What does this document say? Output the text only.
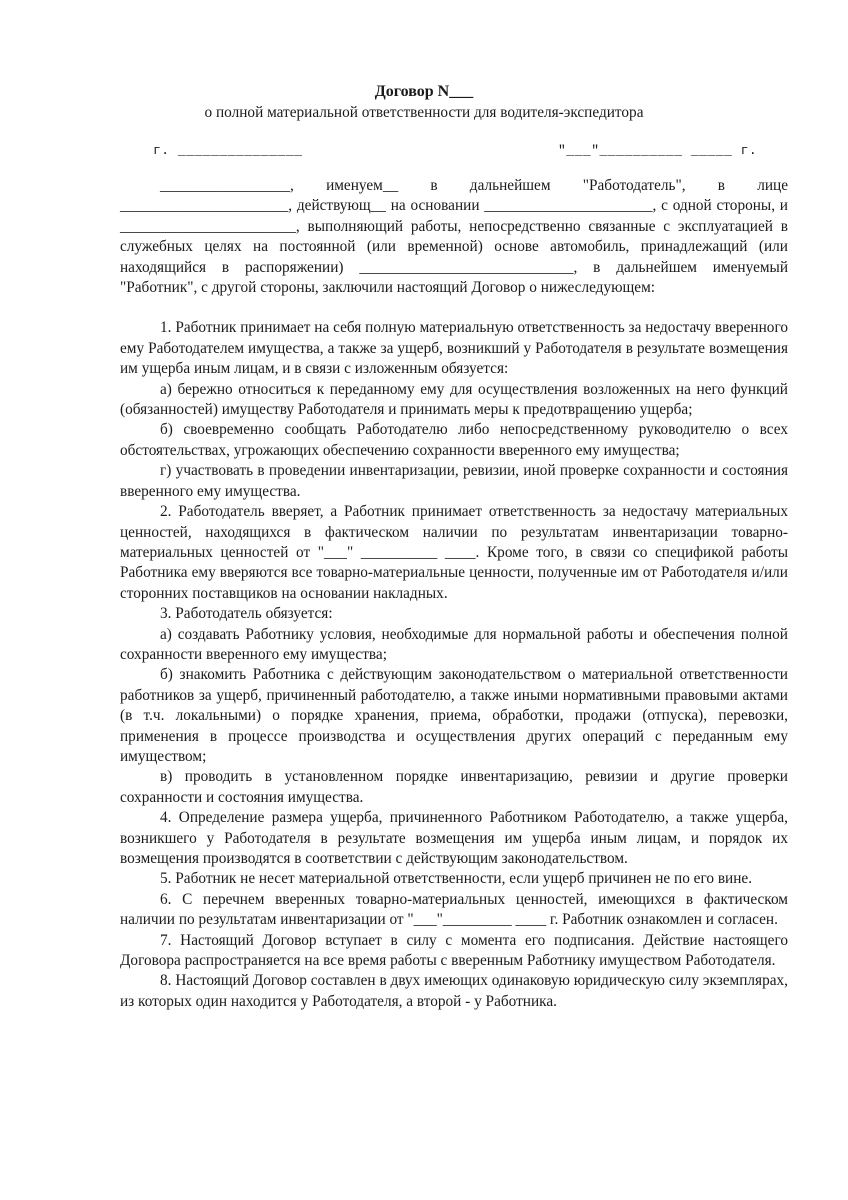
Договор N___

о полной материальной ответственности для водителя-экспедитора

г. _______________	"___"__________ _____ г.

_________________, именуем__ в дальнейшем "Работодатель", в лице ______________________, действующ__ на основании ______________________, с одной стороны, и _______________________, выполняющий работы, непосредственно связанные с эксплуатацией в служебных целях на постоянной (или временной) основе автомобиль, принадлежащий (или находящийся в распоряжении) ____________________________, в дальнейшем именуемый "Работник", с другой стороны, заключили настоящий Договор о нижеследующем:

1. Работник принимает на себя полную материальную ответственность за недостачу вверенного ему Работодателем имущества, а также за ущерб, возникший у Работодателя в результате возмещения им ущерба иным лицам, и в связи с изложенным обязуется:

а) бережно относиться к переданному ему для осуществления возложенных на него функций (обязанностей) имуществу Работодателя и принимать меры к предотвращению ущерба;

б) своевременно сообщать Работодателю либо непосредственному руководителю о всех обстоятельствах, угрожающих обеспечению сохранности вверенного ему имущества;

г) участвовать в проведении инвентаризации, ревизии, иной проверке сохранности и состояния вверенного ему имущества.

2. Работодатель вверяет, а Работник принимает ответственность за недостачу материальных ценностей, находящихся в фактическом наличии по результатам инвентаризации товарно-материальных ценностей от "___" __________ ____. Кроме того, в связи со спецификой работы Работника ему вверяются все товарно-материальные ценности, полученные им от Работодателя и/или сторонних поставщиков на основании накладных.

3. Работодатель обязуется:

а) создавать Работнику условия, необходимые для нормальной работы и обеспечения полной сохранности вверенного ему имущества;

б) знакомить Работника с действующим законодательством о материальной ответственности работников за ущерб, причиненный работодателю, а также иными нормативными правовыми актами (в т.ч. локальными) о порядке хранения, приема, обработки, продажи (отпуска), перевозки, применения в процессе производства и осуществления других операций с переданным ему имуществом;

в) проводить в установленном порядке инвентаризацию, ревизии и другие проверки сохранности и состояния имущества.

4. Определение размера ущерба, причиненного Работником Работодателю, а также ущерба, возникшего у Работодателя в результате возмещения им ущерба иным лицам, и порядок их возмещения производятся в соответствии с действующим законодательством.

5. Работник не несет материальной ответственности, если ущерб причинен не по его вине.

6. С перечнем вверенных товарно-материальных ценностей, имеющихся в фактическом наличии по результатам инвентаризации от "___"_________ ____ г. Работник ознакомлен и согласен.

7. Настоящий Договор вступает в силу с момента его подписания. Действие настоящего Договора распространяется на все время работы с вверенным Работнику имуществом Работодателя.

8. Настоящий Договор составлен в двух имеющих одинаковую юридическую силу экземплярах, из которых один находится у Работодателя, а второй - у Работника.
